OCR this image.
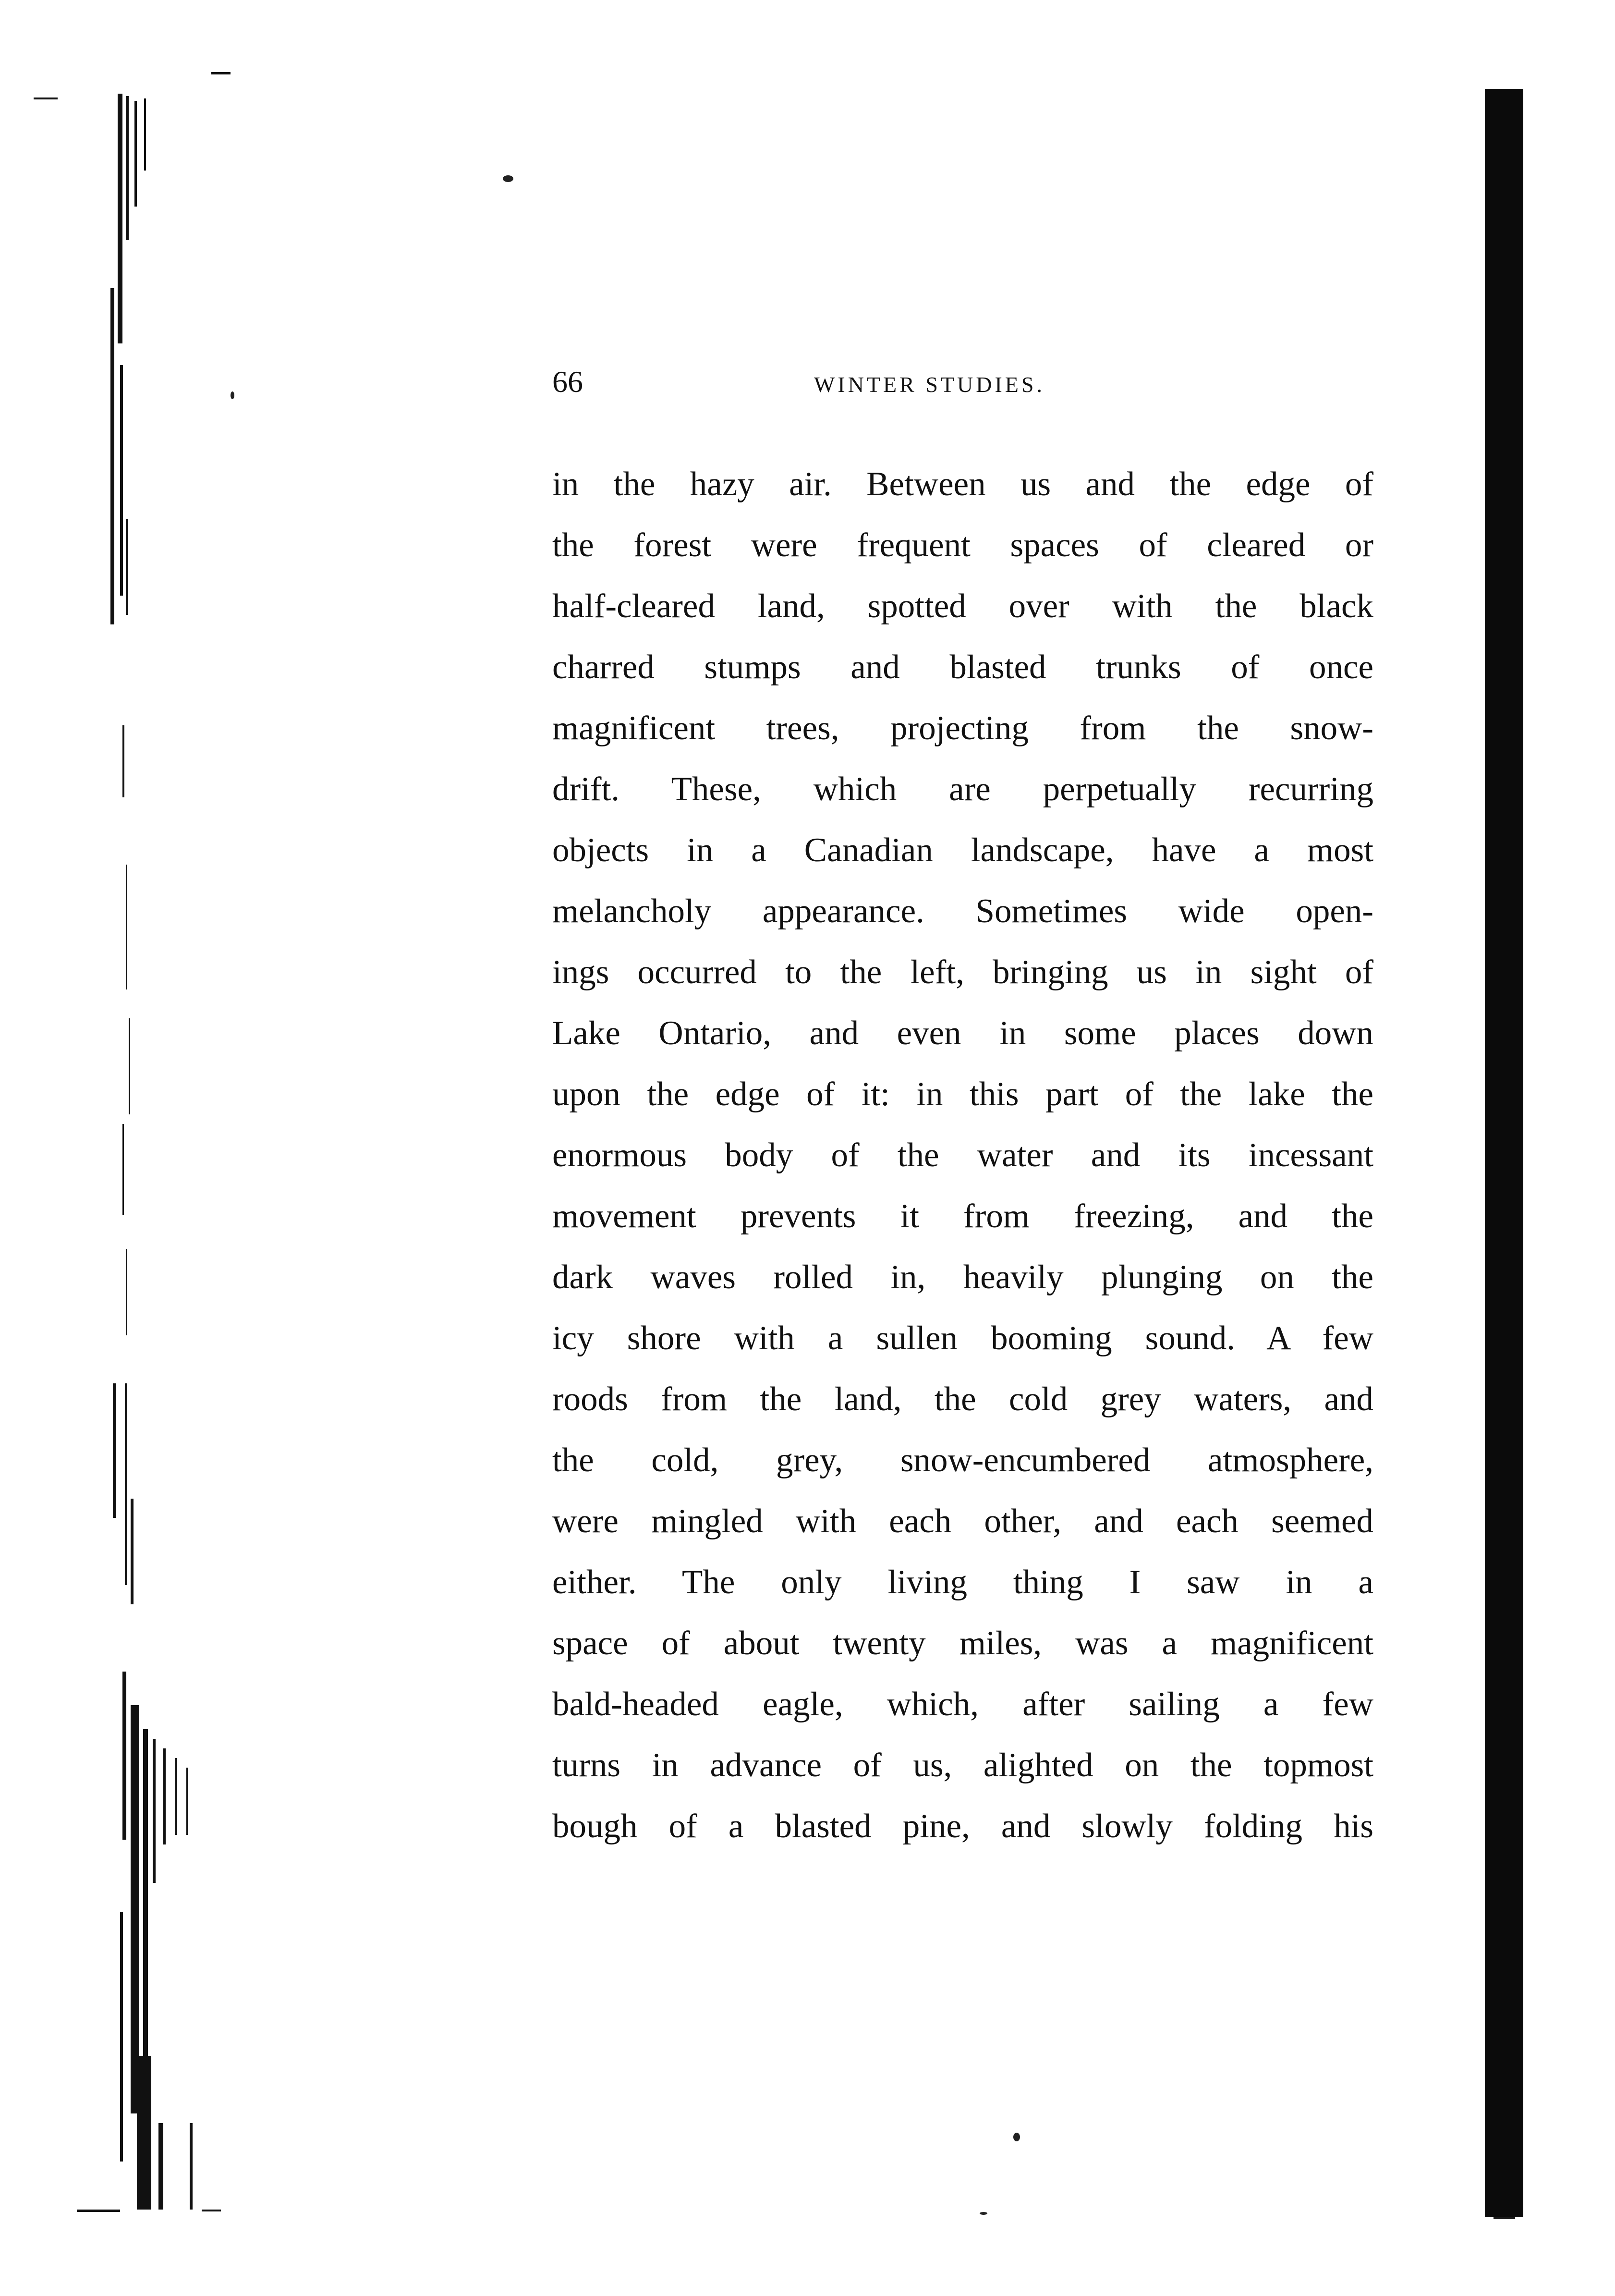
66	WINTER STUDIES.
in the hazy air. Between us and the edge of
the forest were frequent spaces of cleared or
half-cleared land, spotted over with the black
charred stumps and blasted trunks of once
magnificent trees, projecting from the snow-
drift. These, which are perpetually recurring
objects in a Canadian landscape, have a most
melancholy appearance. Sometimes wide open-
ings occurred to the left, bringing us in sight of
Lake Ontario, and even in some places down
upon the edge of it: in this part of the lake the
enormous body of the water and its incessant
movement prevents it from freezing, and the
dark waves rolled in, heavily plunging on the
icy shore with a sullen booming sound. A few
roods from the land, the cold grey waters, and
the cold, grey, snow-encumbered atmosphere,
were mingled with each other, and each seemed
either. The only living thing I saw in a
space of about twenty miles, was a magnificent
bald-headed eagle, which, after sailing a few
turns in advance of us, alighted on the topmost
bough of a blasted pine, and slowly folding his
